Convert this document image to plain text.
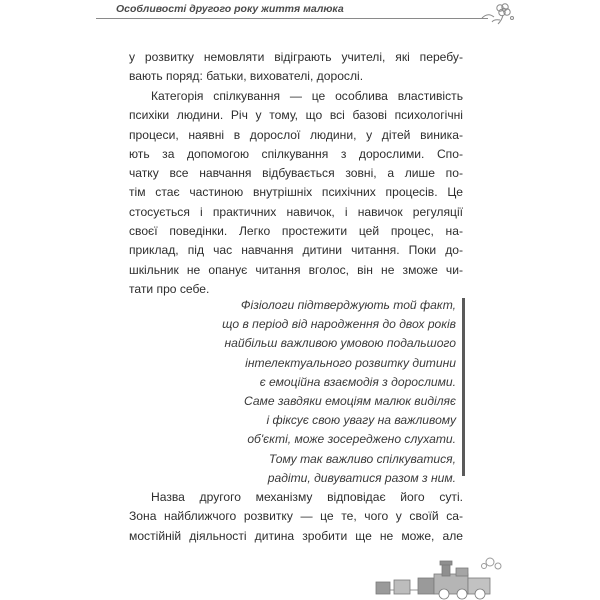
Особливості другого року життя малюка

у розвитку немовляти відіграють учителі, які перебу-
вають поряд: батьки, вихователі, дорослі.

Категорія спілкування — це особлива властивість
психіки людини. Річ у тому, що всі базові психологічні
процеси, наявні в дорослої людини, у дітей виника-
ють за допомогою спілкування з дорослими. Спо-
чатку все навчання відбувається зовні, а лише по-
тім стає частиною внутрішніх психічних процесів. Це
стосується і практичних навичок, і навичок регуляції
своєї поведінки. Легко простежити цей процес, на-
приклад, під час навчання дитини читання. Поки до-
шкільник не опанує читання вголос, він не зможе чи-
тати про себе.

Фізіологи підтверджують той факт,
що в період від народження до двох років
найбільш важливою умовою подальшого
інтелектуального розвитку дитини
є емоційна взаємодія з дорослими.
Саме завдяки емоціям малюк виділяє
і фіксує свою увагу на важливому
об'єкті, може зосереджено слухати.
Тому так важливо спілкуватися,
радіти, дивуватися разом з ним.

Назва другого механізму відповідає його суті.
Зона найближчого розвитку — це те, чого у своїй са-
мостійній діяльності дитина зробити ще не може, але
